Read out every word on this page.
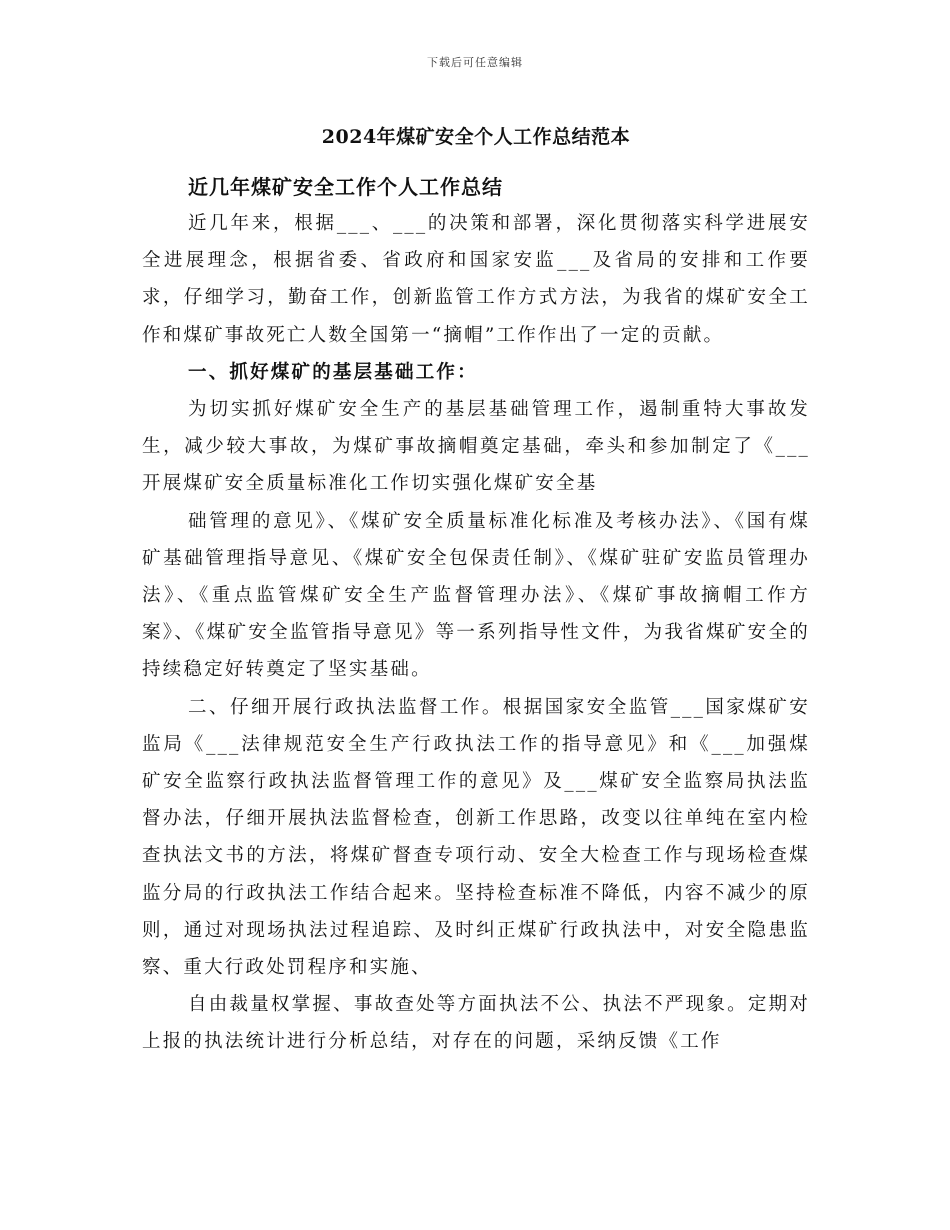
下载后可任意编辑
2024年煤矿安全个人工作总结范本
近几年煤矿安全工作个人工作总结

近几年来，根据___、___的决策和部署，深化贯彻落实科学进展安全进展理念，根据省委、省政府和国家安监___及省局的安排和工作要求，仔细学习，勤奋工作，创新监管工作方式方法，为我省的煤矿安全工作和煤矿事故死亡人数全国第一“摘帽”工作作出了一定的贡献。

一、抓好煤矿的基层基础工作：

为切实抓好煤矿安全生产的基层基础管理工作，遏制重特大事故发生，减少较大事故，为煤矿事故摘帽奠定基础，牵头和参加制定了《___开展煤矿安全质量标准化工作切实强化煤矿安全基

础管理的意见》、《煤矿安全质量标准化标准及考核办法》、《国有煤矿基础管理指导意见、《煤矿安全包保责任制》、《煤矿驻矿安监员管理办法》、《重点监管煤矿安全生产监督管理办法》、《煤矿事故摘帽工作方案》、《煤矿安全监管指导意见》等一系列指导性文件，为我省煤矿安全的持续稳定好转奠定了坚实基础。

二、仔细开展行政执法监督工作。根据国家安全监管___国家煤矿安监局《___法律规范安全生产行政执法工作的指导意见》和《___加强煤矿安全监察行政执法监督管理工作的意见》及___煤矿安全监察局执法监督办法，仔细开展执法监督检查，创新工作思路，改变以往单纯在室内检查执法文书的方法，将煤矿督查专项行动、安全大检查工作与现场检查煤监分局的行政执法工作结合起来。坚持检查标准不降低，内容不减少的原则，通过对现场执法过程追踪、及时纠正煤矿行政执法中，对安全隐患监察、重大行政处罚程序和实施、

自由裁量权掌握、事故查处等方面执法不公、执法不严现象。定期对上报的执法统计进行分析总结，对存在的问题，采纳反馈《工作
